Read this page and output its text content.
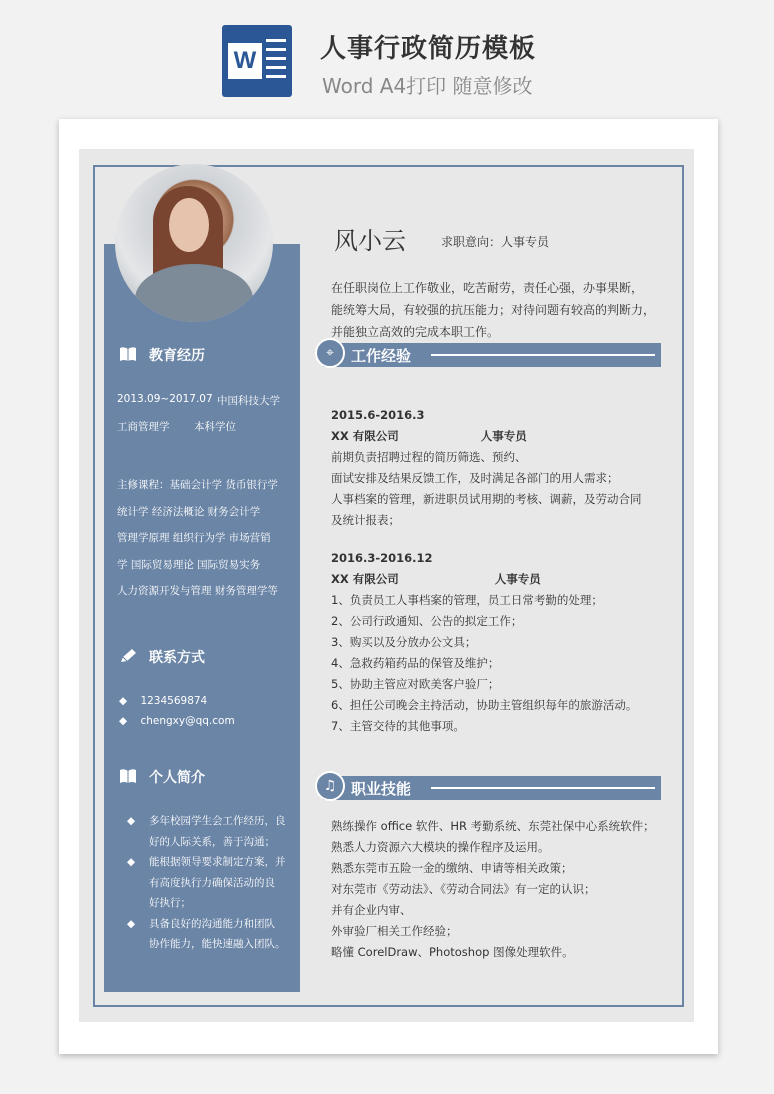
W 人事行政简历模板
Word A4打印 随意修改
教育经历
2013.09~2017.07 中国科技大学
工商管理学 本科学位
主修课程：基础会计学 货币银行学
统计学 经济法概论 财务会计学
管理学原理 组织行为学 市场营销
学 国际贸易理论 国际贸易实务
人力资源开发与管理 财务管理学等
联系方式
◆ 1234569874
◆ chengxy@qq.com
个人简介
◆ 多年校园学生会工作经历，良
好的人际关系，善于沟通；
◆ 能根据领导要求制定方案，并
有高度执行力确保活动的良
好执行；
◆ 具备良好的沟通能力和团队
协作能力，能快速融入团队。
风小云	求职意向：人事专员
在任职岗位上工作敬业，吃苦耐劳，责任心强，办事果断，
能统筹大局，有较强的抗压能力；对待问题有较高的判断力，
并能独立高效的完成本职工作。
⌖	工作经验
2015.6-2016.3
XX 有限公司	人事专员
前期负责招聘过程的简历筛选、预约、
面试安排及结果反馈工作，及时满足各部门的用人需求；
人事档案的管理，新进职员试用期的考核、调薪，及劳动合同
及统计报表；
2016.3-2016.12
XX 有限公司	人事专员
1、负责员工人事档案的管理，员工日常考勤的处理；
2、公司行政通知、公告的拟定工作；
3、购买以及分放办公文具；
4、急救药箱药品的保管及维护；
5、协助主管应对欧美客户验厂；
6、担任公司晚会主持活动，协助主管组织每年的旅游活动。
7、主管交待的其他事项。
♫ 职业技能
熟练操作 office 软件、HR 考勤系统、东莞社保中心系统软件；
熟悉人力资源六大模块的操作程序及运用。
熟悉东莞市五险一金的缴纳、申请等相关政策；
对东莞市《劳动法》、《劳动合同法》有一定的认识；
并有企业内审、
外审验厂相关工作经验；
略懂 CorelDraw、Photoshop 图像处理软件。
